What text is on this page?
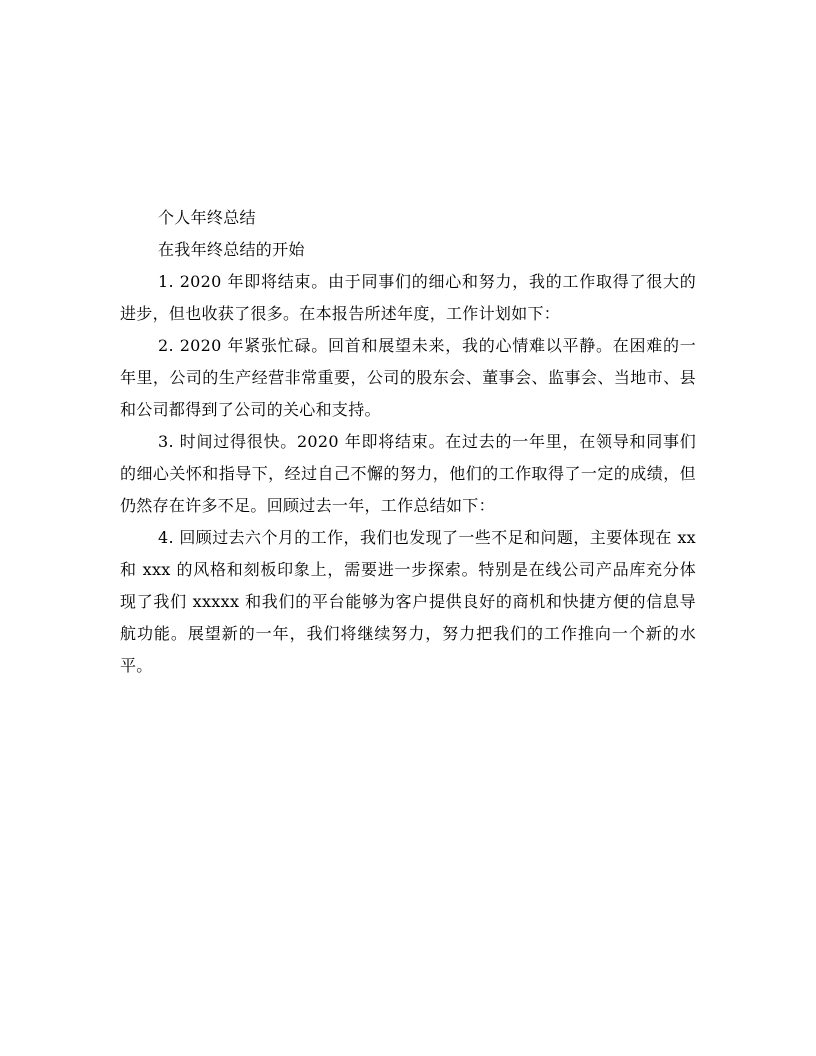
个人年终总结

在我年终总结的开始

1. 2020 年即将结束。由于同事们的细心和努力，我的工作取得了很大的进步，但也收获了很多。在本报告所述年度，工作计划如下：

2. 2020 年紧张忙碌。回首和展望未来，我的心情难以平静。在困难的一年里，公司的生产经营非常重要，公司的股东会、董事会、监事会、当地市、县和公司都得到了公司的关心和支持。

3. 时间过得很快。2020 年即将结束。在过去的一年里，在领导和同事们的细心关怀和指导下，经过自己不懈的努力，他们的工作取得了一定的成绩，但仍然存在许多不足。回顾过去一年，工作总结如下：

4. 回顾过去六个月的工作，我们也发现了一些不足和问题，主要体现在 xx 和 xxx 的风格和刻板印象上，需要进一步探索。特别是在线公司产品库充分体现了我们 xxxxx 和我们的平台能够为客户提供良好的商机和快捷方便的信息导航功能。展望新的一年，我们将继续努力，努力把我们的工作推向一个新的水平。
